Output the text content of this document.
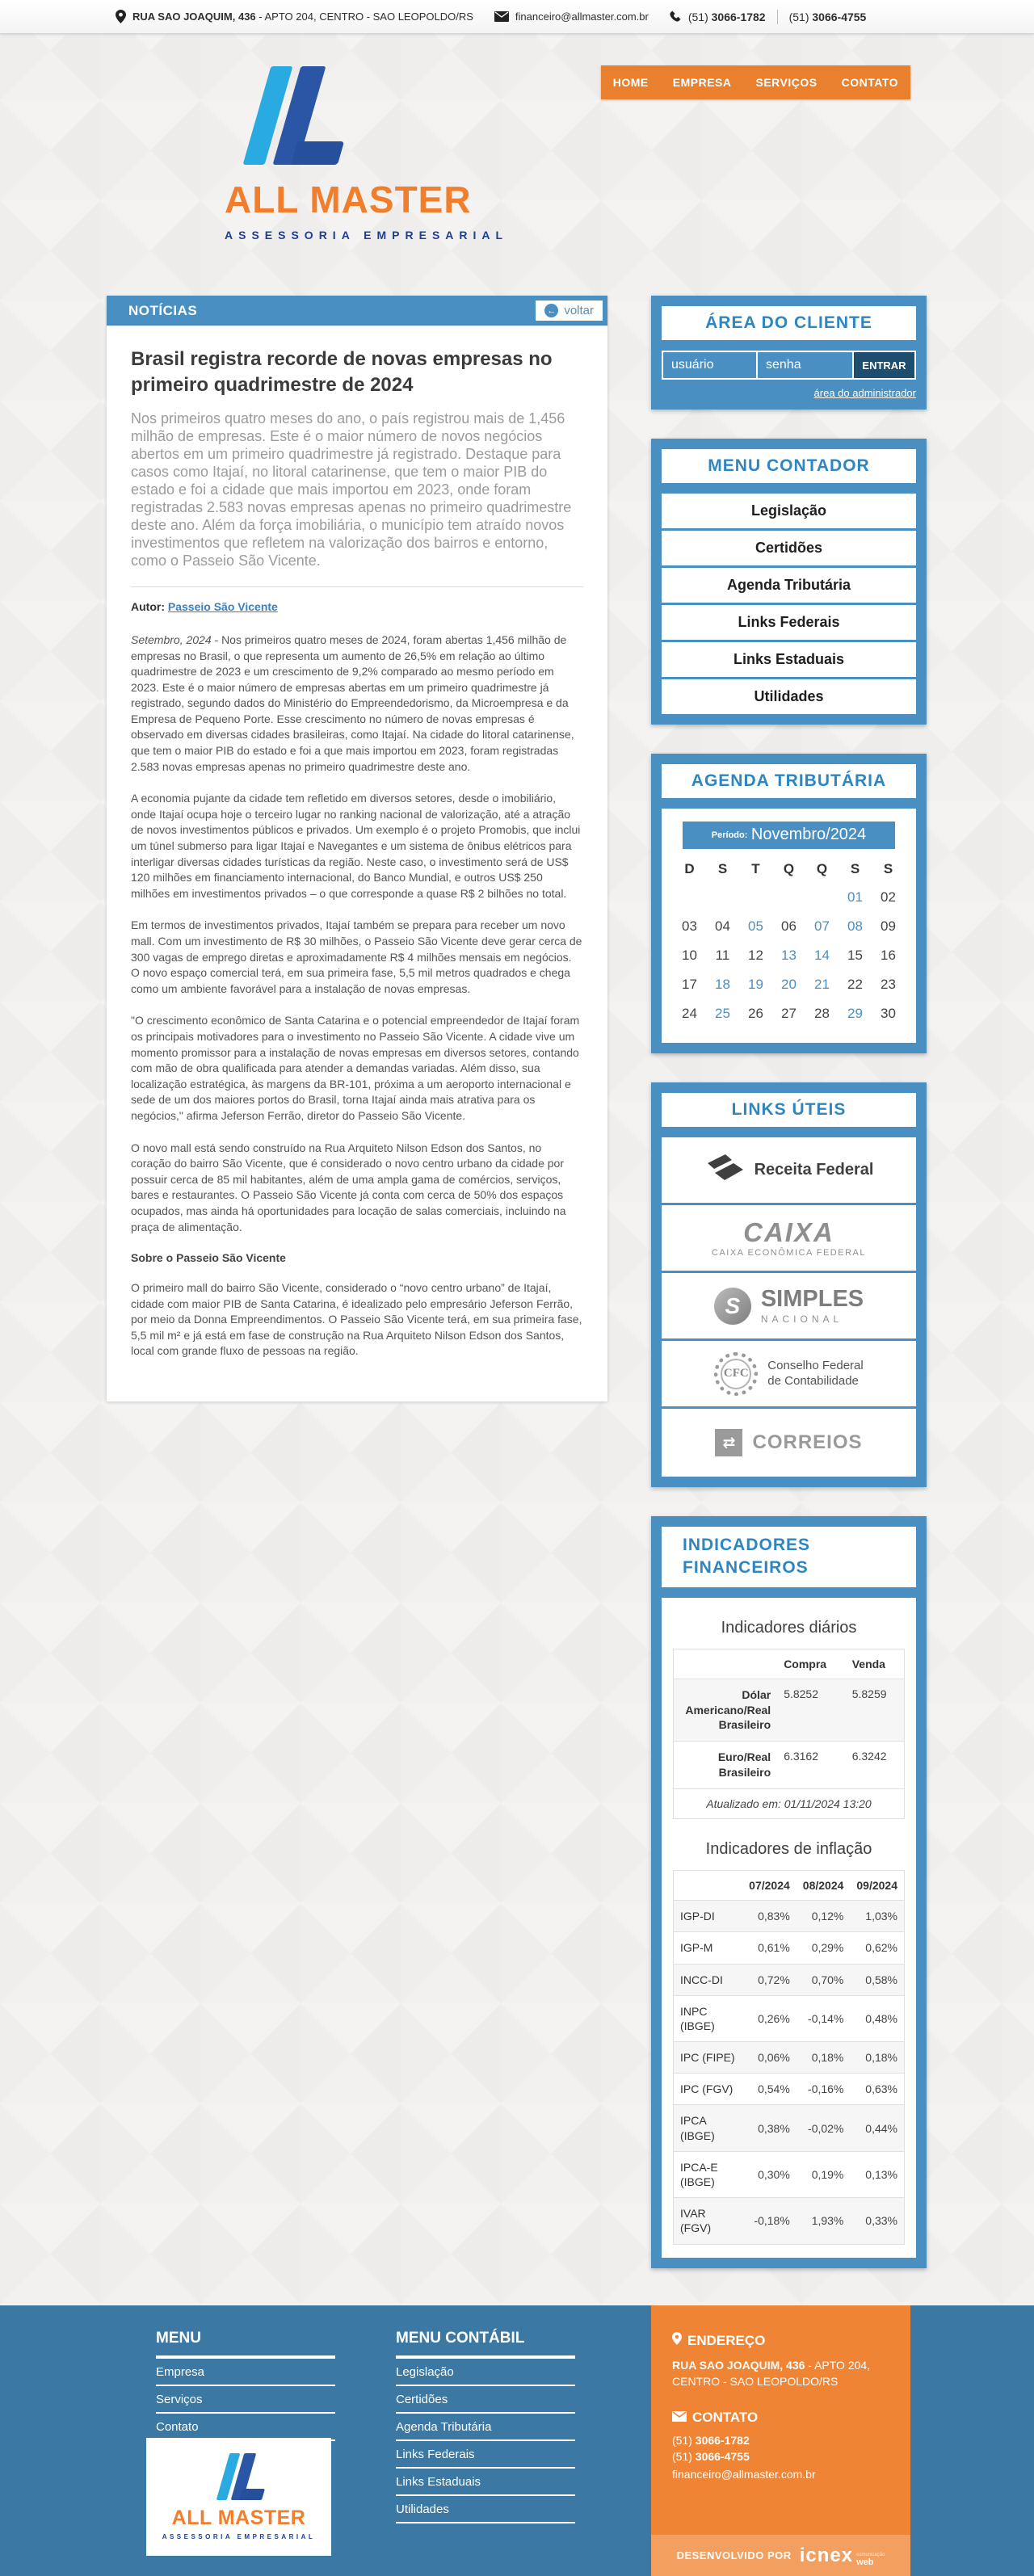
RUA SAO JOAQUIM, 436 - APTO 204, CENTRO - SAO LEOPOLDO/RS	financeiro@allmaster.com.br	(51) 3066-1782 (51) 3066-4755
ALL MASTER
ASSESSORIA EMPRESARIAL
HOME	EMPRESA	SERVIÇOS	CONTATO
NOTÍCIAS	← voltar
Brasil registra recorde de novas empresas no primeiro quadrimestre de 2024
Nos primeiros quatro meses do ano, o país registrou mais de 1,456 milhão de empresas. Este é o maior número de novos negócios abertos em um primeiro quadrimestre já registrado. Destaque para casos como Itajaí, no litoral catarinense, que tem o maior PIB do estado e foi a cidade que mais importou em 2023, onde foram registradas 2.583 novas empresas apenas no primeiro quadrimestre deste ano. Além da força imobiliária, o município tem atraído novos investimentos que refletem na valorização dos bairros e entorno, como o Passeio São Vicente.
Autor: Passeio São Vicente

Setembro, 2024 - Nos primeiros quatro meses de 2024, foram abertas 1,456 milhão de empresas no Brasil, o que representa um aumento de 26,5% em relação ao último quadrimestre de 2023 e um crescimento de 9,2% comparado ao mesmo período em 2023. Este é o maior número de empresas abertas em um primeiro quadrimestre já registrado, segundo dados do Ministério do Empreendedorismo, da Microempresa e da Empresa de Pequeno Porte. Esse crescimento no número de novas empresas é observado em diversas cidades brasileiras, como Itajaí. Na cidade do litoral catarinense, que tem o maior PIB do estado e foi a que mais importou em 2023, foram registradas 2.583 novas empresas apenas no primeiro quadrimestre deste ano.

A economia pujante da cidade tem refletido em diversos setores, desde o imobiliário, onde Itajaí ocupa hoje o terceiro lugar no ranking nacional de valorização, até a atração de novos investimentos públicos e privados. Um exemplo é o projeto Promobis, que inclui um túnel submerso para ligar Itajaí e Navegantes e um sistema de ônibus elétricos para interligar diversas cidades turísticas da região. Neste caso, o investimento será de US$ 120 milhões em financiamento internacional, do Banco Mundial, e outros US$ 250 milhões em investimentos privados – o que corresponde a quase R$ 2 bilhões no total.

Em termos de investimentos privados, Itajaí também se prepara para receber um novo mall. Com um investimento de R$ 30 milhões, o Passeio São Vicente deve gerar cerca de 300 vagas de emprego diretas e aproximadamente R$ 4 milhões mensais em negócios. O novo espaço comercial terá, em sua primeira fase, 5,5 mil metros quadrados e chega como um ambiente favorável para a instalação de novas empresas.

"O crescimento econômico de Santa Catarina e o potencial empreendedor de Itajaí foram os principais motivadores para o investimento no Passeio São Vicente. A cidade vive um momento promissor para a instalação de novas empresas em diversos setores, contando com mão de obra qualificada para atender a demandas variadas. Além disso, sua localização estratégica, às margens da BR-101, próxima a um aeroporto internacional e sede de um dos maiores portos do Brasil, torna Itajaí ainda mais atrativa para os negócios," afirma Jeferson Ferrão, diretor do Passeio São Vicente.

O novo mall está sendo construído na Rua Arquiteto Nilson Edson dos Santos, no coração do bairro São Vicente, que é considerado o novo centro urbano da cidade por possuir cerca de 85 mil habitantes, além de uma ampla gama de comércios, serviços, bares e restaurantes. O Passeio São Vicente já conta com cerca de 50% dos espaços ocupados, mas ainda há oportunidades para locação de salas comerciais, incluindo na praça de alimentação.

Sobre o Passeio São Vicente

O primeiro mall do bairro São Vicente, considerado o “novo centro urbano” de Itajaí, cidade com maior PIB de Santa Catarina, é idealizado pelo empresário Jeferson Ferrão, por meio da Donna Empreendimentos. O Passeio São Vicente terá, em sua primeira fase, 5,5 mil m² e já está em fase de construção na Rua Arquiteto Nilson Edson dos Santos, local com grande fluxo de pessoas na região.

ÁREA DO CLIENTE
usuário
senha
ENTRAR
área do administrador
MENU CONTADOR
Legislação
Certidões
Agenda Tributária
Links Federais
Links Estaduais
Utilidades
AGENDA TRIBUTÁRIA
Período: Novembro/2024
D	S	T	Q	Q	S	S
					01	02
03	04	05	06	07	08	09
10	11	12	13	14	15	16
17	18	19	20	21	22	23
24	25	26	27	28	29	30
LINKS ÚTEIS
Receita Federal
CAIXA
CAIXA ECONÔMICA FEDERAL
S SIMPLES
NACIONAL
CFC
Conselho Federal
de Contabilidade
⇄ CORREIOS
INDICADORES FINANCEIROS
Indicadores diários
	Compra	Venda
Dólar Americano/Real Brasileiro	5.8252	5.8259
Euro/Real Brasileiro	6.3162	6.3242
Atualizado em: 01/11/2024 13:20		
Indicadores de inflação
	07/2024	08/2024	09/2024
IGP-DI	0,83%	0,12%	1,03%
IGP-M	0,61%	0,29%	0,62%
INCC-DI	0,72%	0,70%	0,58%
INPC (IBGE)	0,26%	-0,14%	0,48%
IPC (FIPE)	0,06%	0,18%	0,18%
IPC (FGV)	0,54%	-0,16%	0,63%
IPCA (IBGE)	0,38%	-0,02%	0,44%
IPCA-E (IBGE)	0,30%	0,19%	0,13%
IVAR (FGV)	-0,18%	1,93%	0,33%
MENU
Empresa
Serviços
Contato
ALL MASTER
ASSESSORIA EMPRESARIAL
MENU CONTÁBIL
Legislação
Certidões
Agenda Tributária
Links Federais
Links Estaduais
Utilidades
ENDEREÇO
RUA SAO JOAQUIM, 436 - APTO 204,
CENTRO - SAO LEOPOLDO/RS
CONTATO
(51) 3066-1782
(51) 3066-4755
financeiro@allmaster.com.br
DESENVOLVIDO POR icnex comunicação
web
